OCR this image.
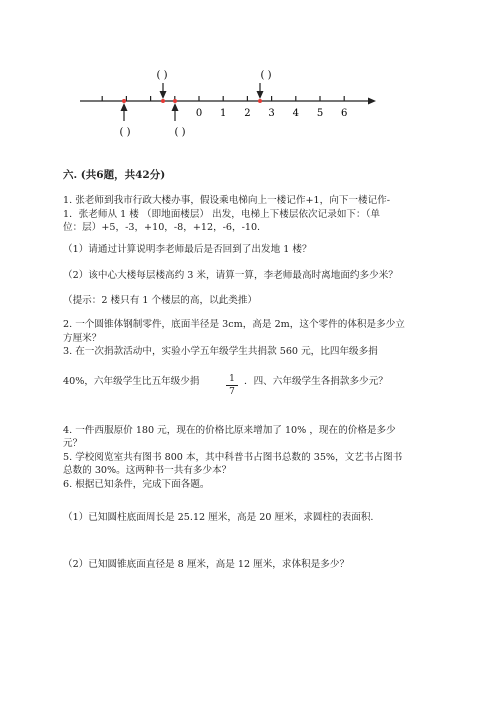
0 1 2 3 4 5 6
( )	( )
( )	( )
六. (共6题，共42分)
1. 张老师到我市行政大楼办事，假设乘电梯向上一楼记作+1，向下一楼记作-
1．张老师从 1 楼 （即地面楼层） 出发，电梯上下楼层依次记录如下：（单
位：层）+5，-3，+10，-8，+12，-6，-10.
（1）请通过计算说明李老师最后是否回到了出发地 1 楼？
（2）该中心大楼每层楼高约 3 米，请算一算，李老师最高时离地面约多少米？
（提示：2 楼只有 1 个楼层的高，以此类推）
2. 一个圆锥体钢制零件，底面半径是 3cm，高是 2m，这个零件的体积是多少立
方厘米？
3. 在一次捐款活动中，实验小学五年级学生共捐款 560 元，比四年级多捐
40%，六年级学生比五年级少捐	1
7
．四、六年级学生各捐款多少元？
4. 一件西服原价 180 元，现在的价格比原来增加了 10% ，现在的价格是多少
元？
5. 学校阅览室共有图书 800 本，其中科普书占图书总数的 35%，文艺书占图书
总数的 30%。这两种书一共有多少本？
6. 根据已知条件，完成下面各题。
（1）已知圆柱底面周长是 25.12 厘米，高是 20 厘米，求圆柱的表面积.
（2）已知圆锥底面直径是 8 厘米，高是 12 厘米，求体积是多少？
